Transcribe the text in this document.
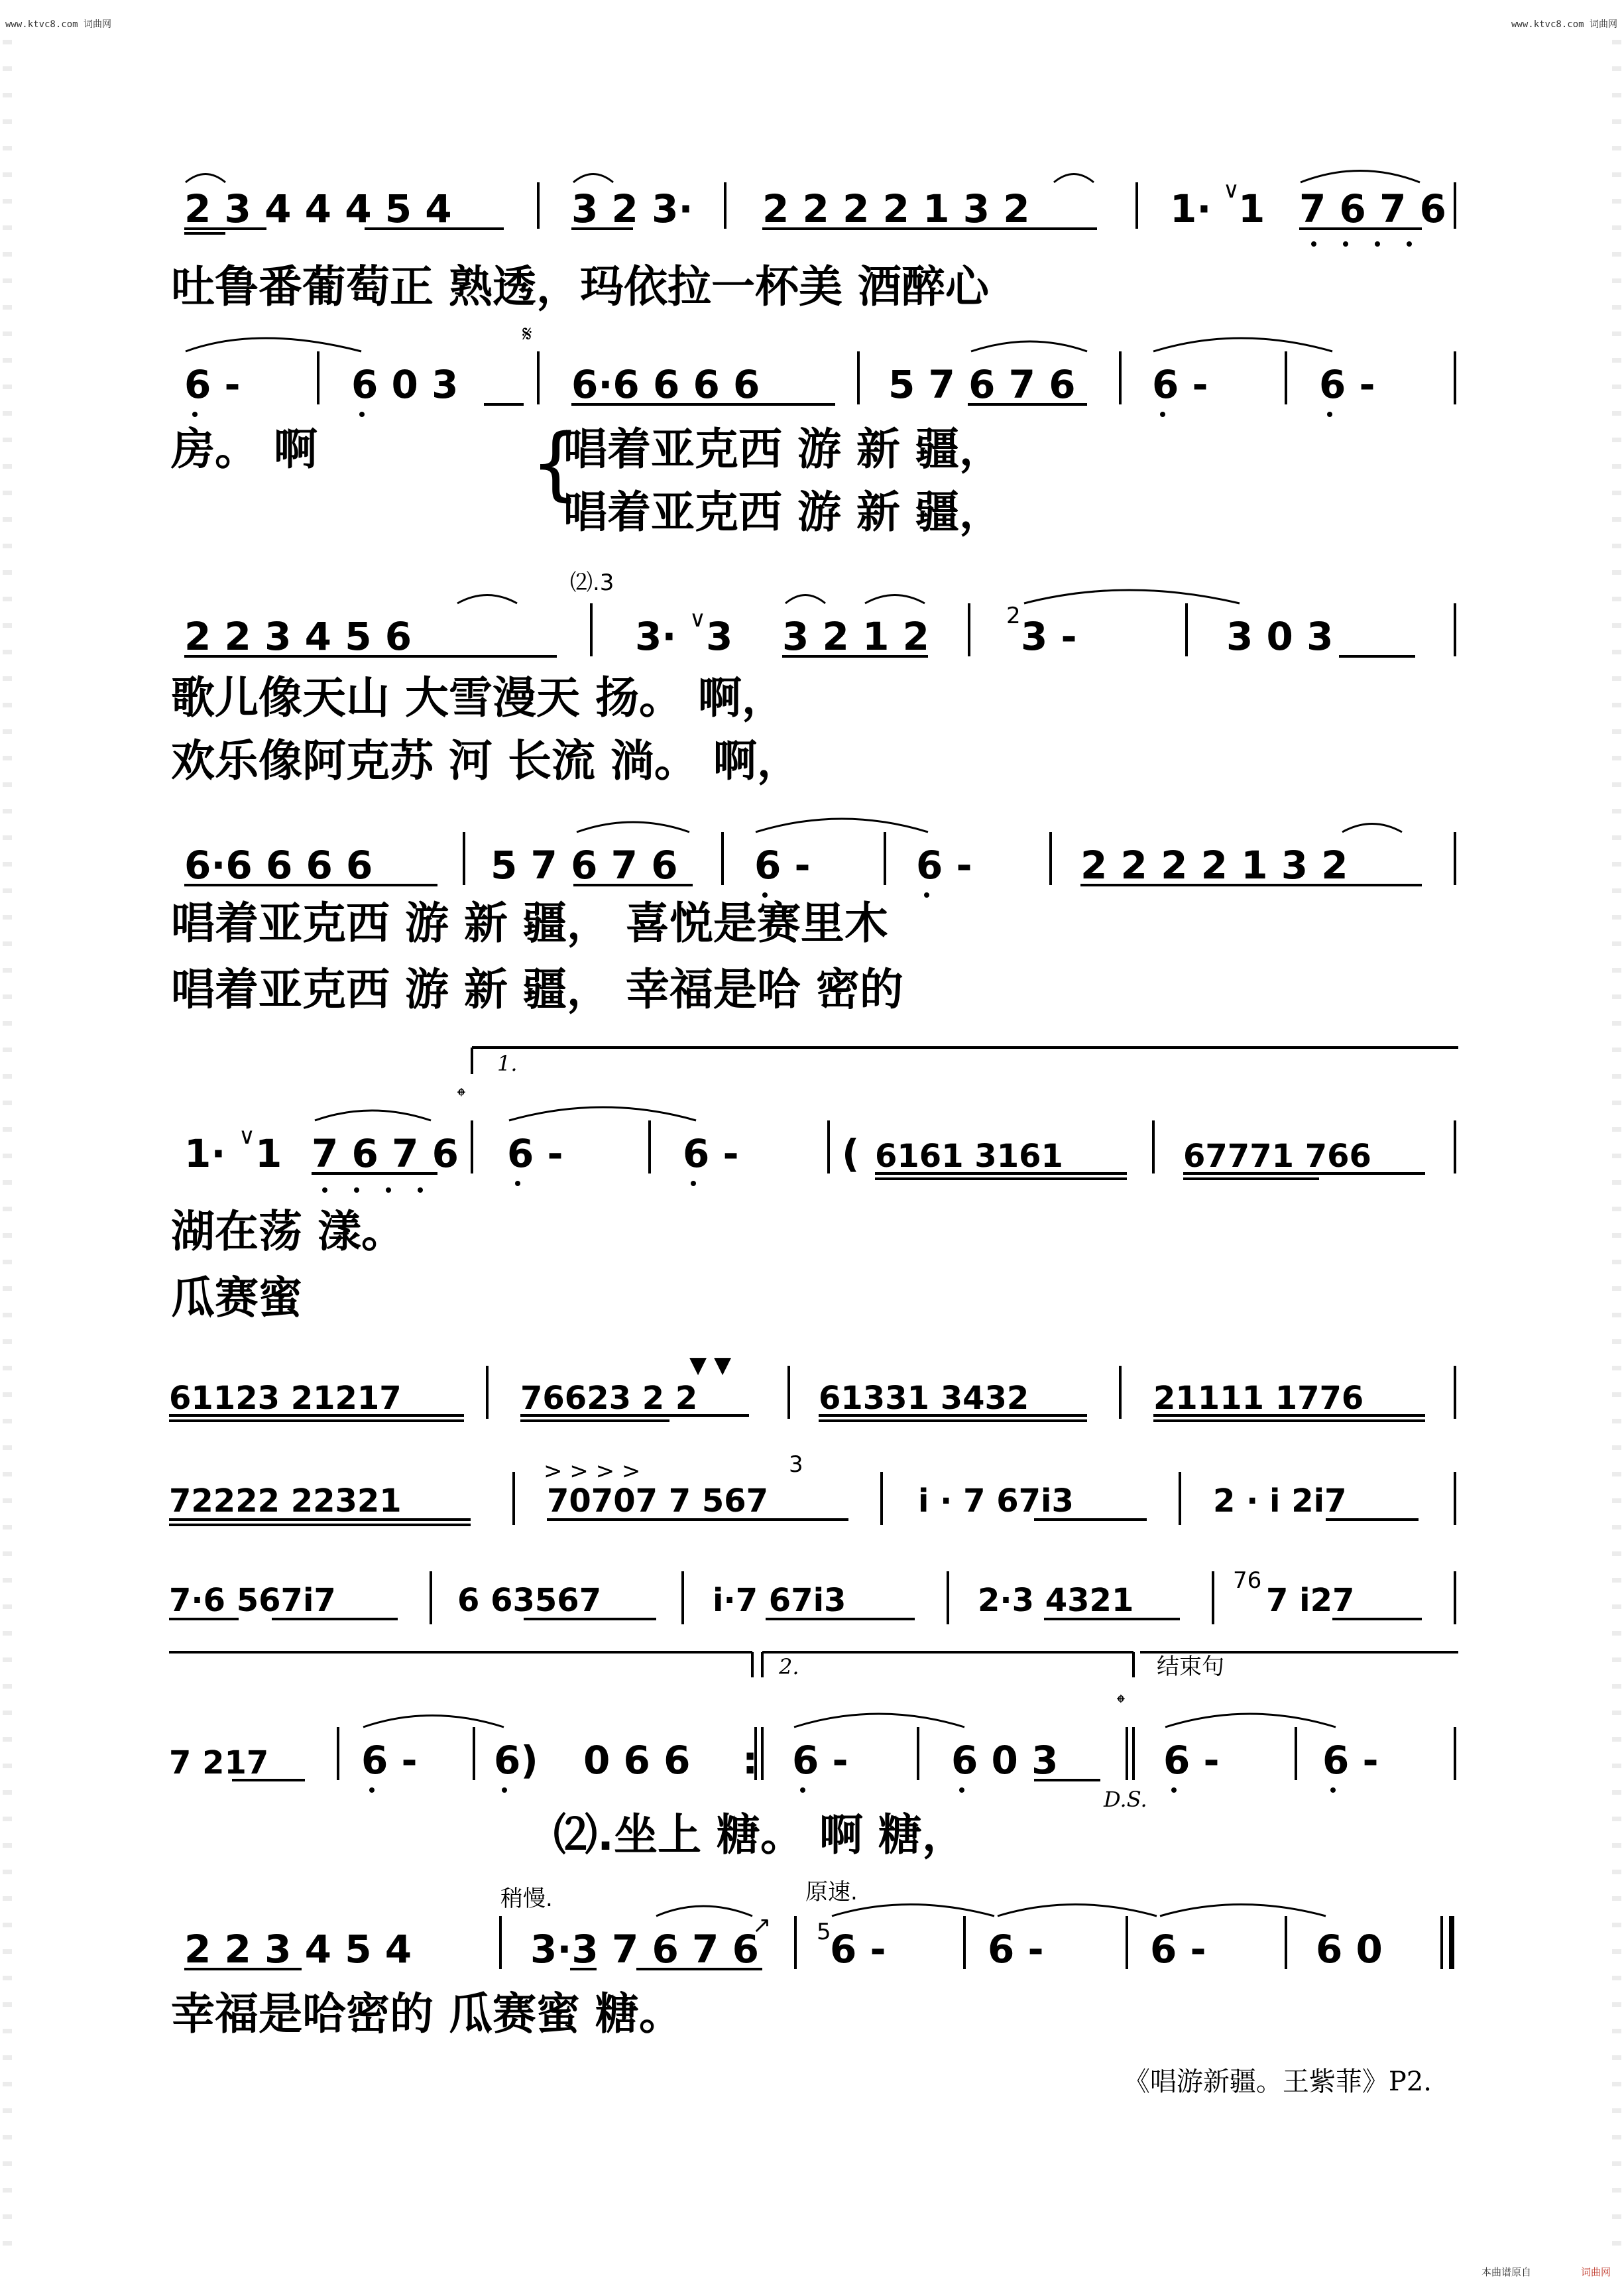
www.ktvc8.com 词曲网	www.ktvc8.com 词曲网
2 3 4 4 4 5 4	3 2 3· 2 2 2 2 1 3 2	1· ∨
1 7 6 7 6
吐鲁番葡萄正 熟透，玛依拉一杯美 酒醉心
6 -	6 0 3
𝄋
6·6 6 6 6	5 7 6 7 6 6 -	6 -
房。 啊	{
唱着亚克西 游 新 疆，
唱着亚克西 游 新 疆，
⑵.3
2 2 3 4 5 6	3· ∨ 3 3 2 1 2	2 3 -	3 0 3
歌儿像天山 大雪漫天 扬。 啊，
欢乐像阿克苏 河 长流 淌。 啊，
6·6 6 6 6	5 7 6 7 6 6 -	6 -	2 2 2 2 1 3 2
唱着亚克西 游 新 疆， 喜悦是赛里木
唱着亚克西 游 新 疆， 幸福是哈 密的
1.
𝄌
1· ∨ 1 7 6 7 6 6 -	6 -	( 6161 3161	67771 766
湖在荡 漾。
瓜赛蜜
61123 21217	76623 2 2
▼ ▼
61331 3432	21111 1776
> > > >	3
72222 22321	70707 7 567	i · 7 67i3	2 · i 2i7
7·6 567i7	6 63567	i·7 67i3	2·3 4321
76
7 i27
2.	结束句
𝄌
7 217 6 - 6) 0 6 6 : 6 -	6 0 3
D.S.
6 -	6 -
⑵.坐上 糖。 啊 糖，
稍慢.	原速.
2 2 3 4 5 4	3·3 7 6 7 6
↗ 5
6 -	6 -	6 -	6 0
幸福是哈密的 瓜赛蜜 糖。
《唱游新疆。王紫菲》P2.
本曲谱原自	词曲网
